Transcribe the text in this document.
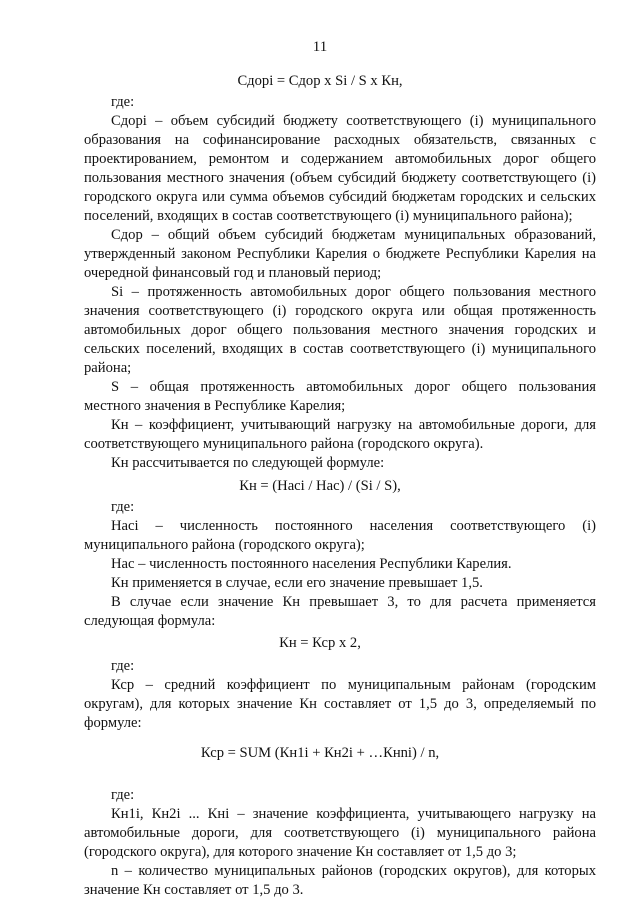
11
Сдорi = Сдор x Si / S x Кн,
где:
Сдорi – объем субсидий бюджету соответствующего (i) муниципального образования на софинансирование расходных обязательств, связанных с проектированием, ремонтом и содержанием автомобильных дорог общего пользования местного значения (объем субсидий бюджету соответствующего (i) городского округа или сумма объемов субсидий бюджетам городских и сельских поселений, входящих в состав соответствующего (i) муниципального района);
Сдор – общий объем субсидий бюджетам муниципальных образований, утвержденный законом Республики Карелия о бюджете Республики Карелия на очередной финансовый год и плановый период;
Si – протяженность автомобильных дорог общего пользования местного значения соответствующего (i) городского округа или общая протяженность автомобильных дорог общего пользования местного значения городских и сельских поселений, входящих в состав соответствующего (i) муниципального района;
S – общая протяженность автомобильных дорог общего пользования местного значения в Республике Карелия;
Кн – коэффициент, учитывающий нагрузку на автомобильные дороги, для соответствующего муниципального района (городского округа).
Кн рассчитывается по следующей формуле:
Кн = (Насi / Нас) / (Si / S),
где:
Насi – численность постоянного населения соответствующего (i) муниципального района (городского округа);
Нас – численность постоянного населения Республики Карелия.
Кн применяется в случае, если его значение превышает 1,5.
В случае если значение Кн превышает 3, то для расчета применяется следующая формула:
Кн = Кср x 2,
где:
Кср – средний коэффициент по муниципальным районам (городским округам), для которых значение Кн составляет от 1,5 до 3, определяемый по формуле:
Кср = SUM (Кн1i + Кн2i + …Кнni) / n,
где:
Кн1i, Кн2i ... Кнi – значение коэффициента, учитывающего нагрузку на автомобильные дороги, для соответствующего (i) муниципального района (городского округа), для которого значение Кн составляет от 1,5 до 3;
n – количество муниципальных районов (городских округов), для которых значение Кн составляет от 1,5 до 3.
